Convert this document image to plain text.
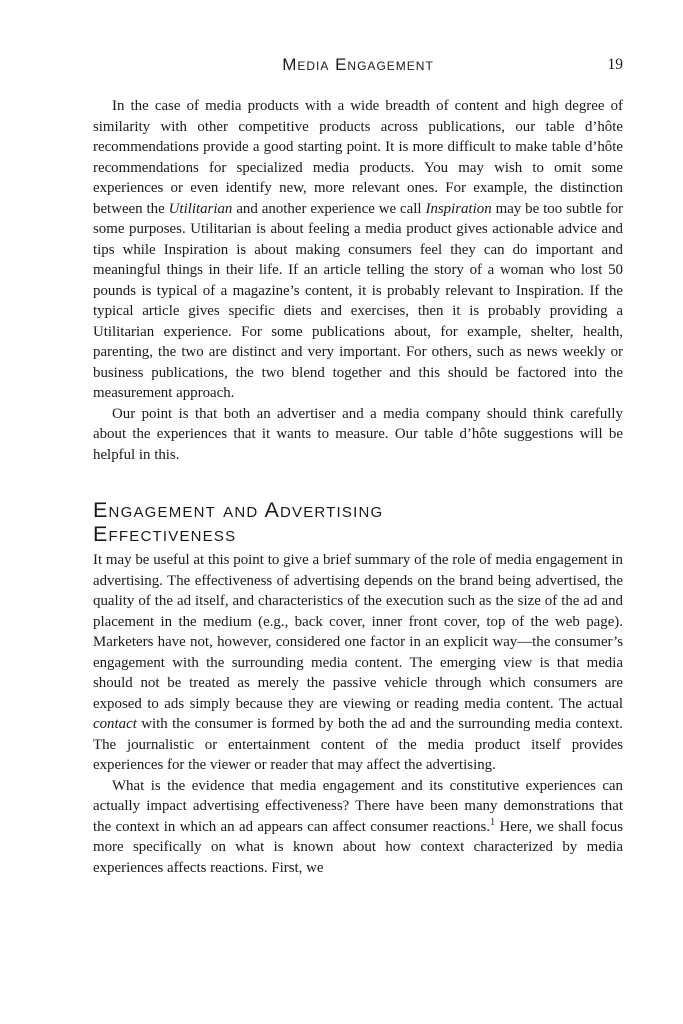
Media Engagement	19

In the case of media products with a wide breadth of content and high degree of similarity with other competitive products across publications, our table d’hôte recommendations provide a good starting point. It is more difficult to make table d’hôte recommendations for specialized media products. You may wish to omit some experiences or even identify new, more relevant ones. For example, the distinction between the Utilitarian and another experience we call Inspiration may be too subtle for some purposes. Utilitarian is about feeling a media product gives actionable advice and tips while Inspiration is about making consumers feel they can do important and meaningful things in their life. If an article telling the story of a woman who lost 50 pounds is typical of a magazine’s content, it is probably relevant to Inspiration. If the typical article gives specific diets and exercises, then it is probably providing a Utilitarian experience. For some publications about, for example, shelter, health, parenting, the two are distinct and very important. For others, such as news weekly or business publications, the two blend together and this should be factored into the measurement approach.

Our point is that both an advertiser and a media company should think carefully about the experiences that it wants to measure. Our table d’hôte suggestions will be helpful in this.

Engagement and Advertising
Effectiveness

It may be useful at this point to give a brief summary of the role of media engagement in advertising. The effectiveness of advertising depends on the brand being advertised, the quality of the ad itself, and characteristics of the execution such as the size of the ad and placement in the medium (e.g., back cover, inner front cover, top of the web page). Marketers have not, however, considered one factor in an explicit way—the consumer’s engagement with the surrounding media content. The emerging view is that media should not be treated as merely the passive vehicle through which consumers are exposed to ads simply because they are viewing or reading media content. The actual contact with the consumer is formed by both the ad and the surrounding media context. The journalistic or entertainment content of the media product itself provides experiences for the viewer or reader that may affect the advertising.

What is the evidence that media engagement and its constitutive experiences can actually impact advertising effectiveness? There have been many demonstrations that the context in which an ad appears can affect consumer reactions.$^1$ Here, we shall focus more specifically on what is known about how context characterized by media experiences affects reactions. First, we
